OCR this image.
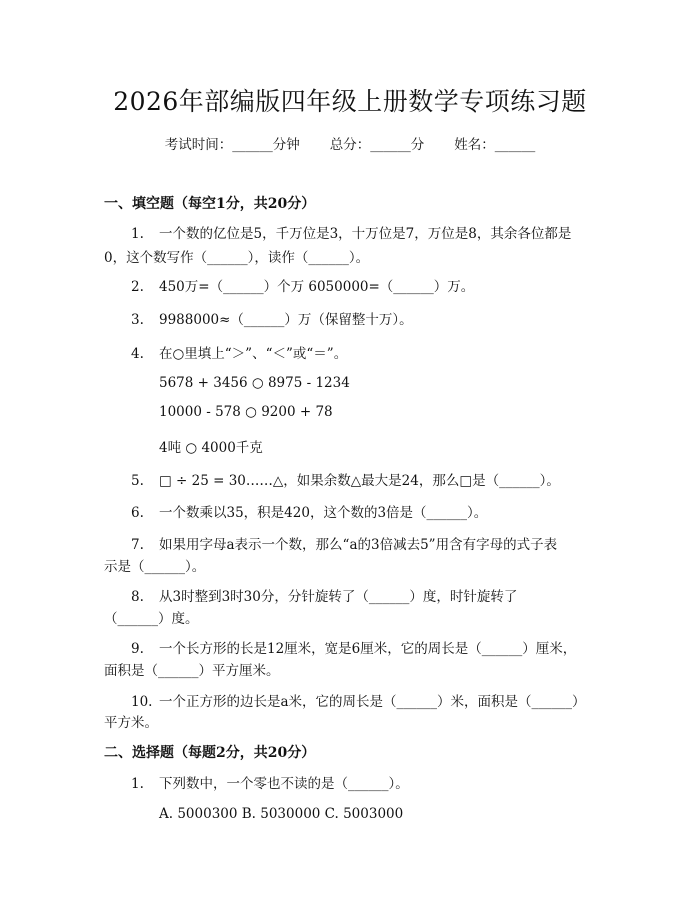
2026年部编版四年级上册数学专项练习题
考试时间：______分钟 总分：______分 姓名：______
一、填空题（每空1分，共20分）
1. 一个数的亿位是5，千万位是3，十万位是7，万位是8，其余各位都是
0，这个数写作（______），读作（______）。
2. 450万=（______）个万 6050000=（______）万。
3. 9988000≈（______）万（保留整十万）。
4. 在○里填上“＞”、“＜”或“＝”。
5678 + 3456 ○ 8975 - 1234
10000 - 578 ○ 9200 + 78
4吨 ○ 4000千克
5. □ ÷ 25 = 30……△，如果余数△最大是24，那么□是（______）。
6. 一个数乘以35，积是420，这个数的3倍是（______）。
7. 如果用字母a表示一个数，那么“a的3倍减去5”用含有字母的式子表
示是（______）。
8. 从3时整到3时30分，分针旋转了（______）度，时针旋转了
（______）度。
9. 一个长方形的长是12厘米，宽是6厘米，它的周长是（______）厘米，
面积是（______）平方厘米。
10. 一个正方形的边长是a米，它的周长是（______）米，面积是（______）
平方米。
二、选择题（每题2分，共20分）
1. 下列数中，一个零也不读的是（______）。
A. 5000300 B. 5030000 C. 5003000
